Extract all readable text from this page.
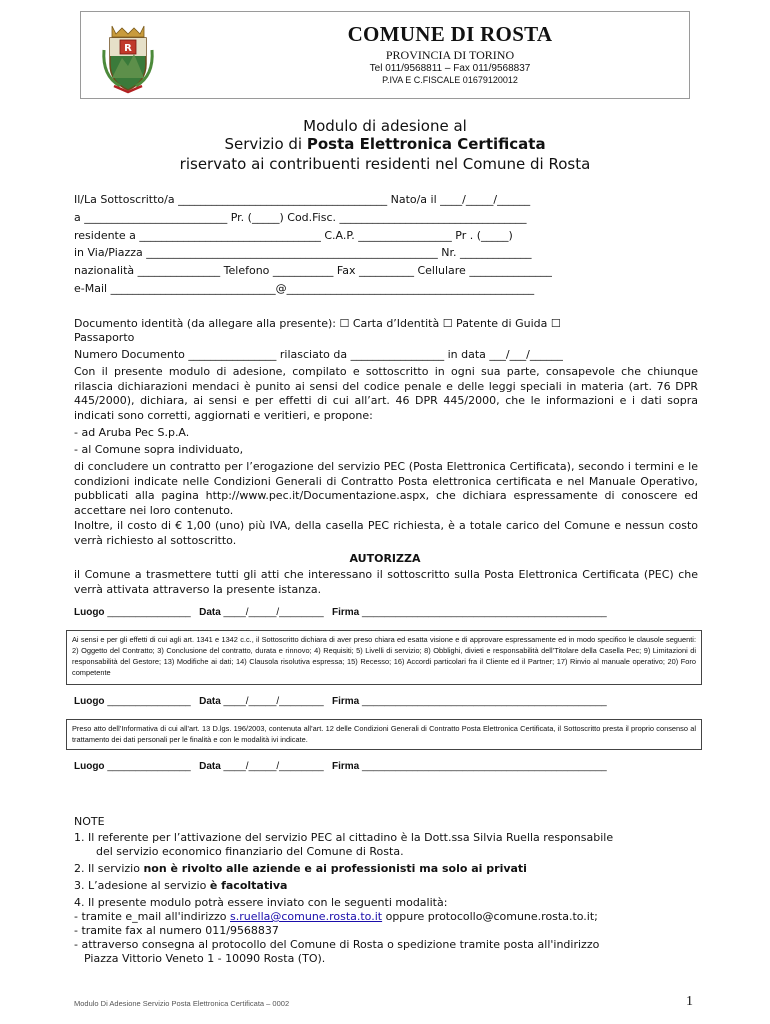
R
COMUNE DI ROSTA
PROVINCIA DI TORINO
Tel 011/9568811 – Fax 011/9568837
P.IVA E C.FISCALE 01679120012
Modulo di adesione al
Servizio di Posta Elettronica Certificata
riservato ai contribuenti residenti nel Comune di Rosta
Il/La Sottoscritto/a ______________________________________ Nato/a il ____/_____/______
a __________________________ Pr. (_____) Cod.Fisc. __________________________________
residente a _________________________________ C.A.P. _________________ Pr . (_____)
in Via/Piazza _____________________________________________________ Nr. _____________
nazionalità _______________ Telefono ___________ Fax __________ Cellulare _______________
e-Mail ______________________________@_____________________________________________
Documento identità (da allegare alla presente): ☐ Carta d’Identità ☐ Patente di Guida ☐
Passaporto
Numero Documento ________________ rilasciato da _________________ in data ___/___/______
Con il presente modulo di adesione, compilato e sottoscritto in ogni sua parte, consapevole che chiunque rilascia dichiarazioni mendaci è punito ai sensi del codice penale e delle leggi speciali in materia (art. 76 DPR 445/2000), dichiara, ai sensi e per effetti di cui all’art. 46 DPR 445/2000, che le informazioni e i dati sopra indicati sono corretti, aggiornati e veritieri, e propone:
- ad Aruba Pec S.p.A.
- al Comune sopra individuato,
di concludere un contratto per l’erogazione del servizio PEC (Posta Elettronica Certificata), secondo i termini e le condizioni indicate nelle Condizioni Generali di Contratto Posta elettronica certificata e nel Manuale Operativo, pubblicati alla pagina http://www.pec.it/Documentazione.aspx, che dichiara espressamente di conoscere ed accettare nei loro contenuto.
Inoltre, il costo di € 1,00 (uno) più IVA, della casella PEC richiesta, è a totale carico del Comune e nessun costo verrà richiesto al sottoscritto.
AUTORIZZA
il Comune a trasmettere tutti gli atti che interessano il sottoscritto sulla Posta Elettronica Certificata (PEC) che verrà attivata attraverso la presente istanza.
Luogo _______________ Data ____/_____/________ Firma ____________________________________________
Ai sensi e per gli effetti di cui agli art. 1341 e 1342 c.c., il Sottoscritto dichiara di aver preso chiara ed esatta visione e di approvare espressamente ed in modo specifico le clausole seguenti: 2) Oggetto del Contratto; 3) Conclusione del contratto, durata e rinnovo; 4) Requisiti; 5) Livelli di servizio; 8) Obblighi, divieti e responsabilità dell’Titolare della Casella Pec; 9) Limitazioni di responsabilità del Gestore; 13) Modifiche ai dati; 14) Clausola risolutiva espressa; 15) Recesso; 16) Accordi particolari fra il Cliente ed il Partner; 17) Rinvio al manuale operativo; 20) Foro competente
Luogo _______________ Data ____/_____/________ Firma ____________________________________________
Preso atto dell’Informativa di cui all’art. 13 D.lgs. 196/2003, contenuta all’art. 12 delle Condizioni Generali di Contratto Posta Elettronica Certificata, il Sottoscritto presta il proprio consenso al trattamento dei dati personali per le finalità e con le modalità ivi indicate.
Luogo _______________ Data ____/_____/________ Firma ____________________________________________
NOTE
1. Il referente per l’attivazione del servizio PEC al cittadino è la Dott.ssa Silvia Ruella responsabile
del servizio economico finanziario del Comune di Rosta.
2. Il servizio non è rivolto alle aziende e ai professionisti ma solo ai privati
3. L’adesione al servizio è facoltativa
4. Il presente modulo potrà essere inviato con le seguenti modalità:
- tramite e_mail all'indirizzo s.ruella@comune.rosta.to.it oppure protocollo@comune.rosta.to.it;
- tramite fax al numero 011/9568837
- attraverso consegna al protocollo del Comune di Rosta o spedizione tramite posta all'indirizzo
Piazza Vittorio Veneto 1 - 10090 Rosta (TO).
Modulo Di Adesione Servizio Posta Elettronica Certificata – 0002	1
